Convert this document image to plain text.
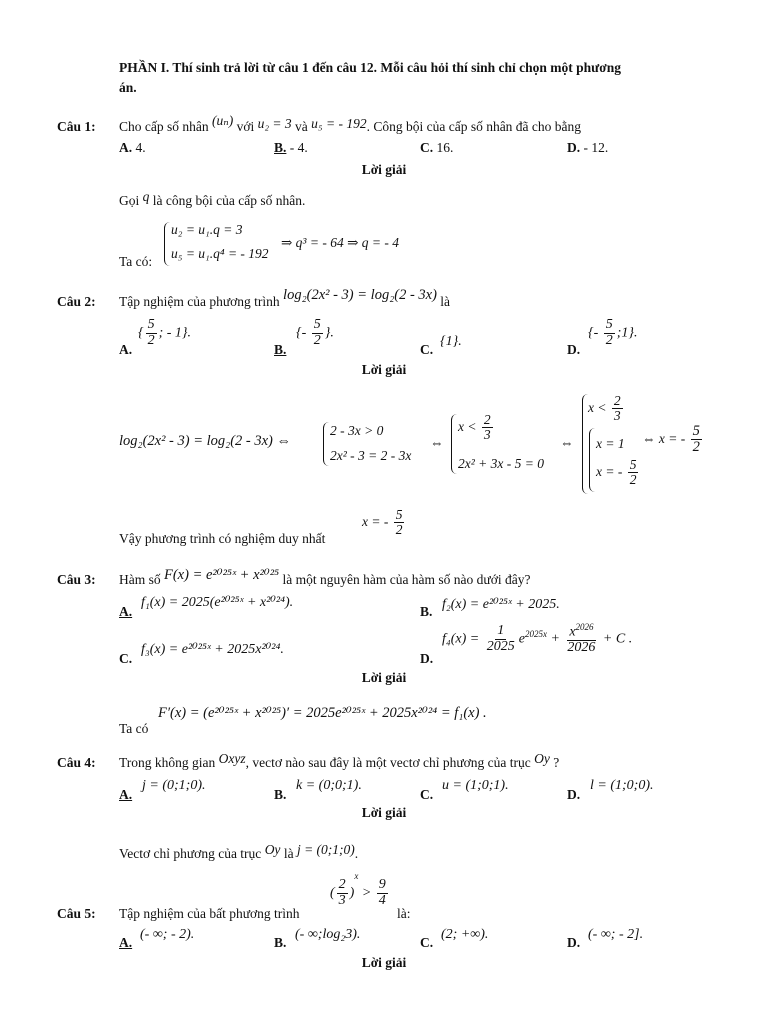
PHẦN I. Thí sinh trả lời từ câu 1 đến câu 12. Mỗi câu hỏi thí sinh chỉ chọn một phương
án.
Câu 1: Cho cấp số nhân (uₙ) với u₂ = 3 và u₅ = - 192. Công bội của cấp số nhân đã cho bằng
A. 4.	B. - 4.	C. 16.	D. - 12.
Lời giải
Gọi q là công bội của cấp số nhân.
Ta có:
u₂ = u₁.q = 3
u₅ = u₁.q⁴ = - 192
⇒ q³ = - 64 ⇒ q = - 4
Câu 2: Tập nghiệm của phương trình log₂(2x² - 3) = log₂(2 - 3x) là
A.
{ $\frac{5}{2}$ ; - 1}.
B.
{- $\frac{5}{2}$ }.
C.
{1}.
D.
{- $\frac{5}{2}$ ;1}.
Lời giải
log₂(2x² - 3) = log₂(2 - 3x) ⇔
2 - 3x > 0
2x² - 3 = 2 - 3x
⇔
$x < \frac{2}{3}$
2x² + 3x - 5 = 0
⇔
$x < \frac{2}{3}$
x = 1
x = - $\frac{5}{2}$
⇔ x = - $\frac{5}{2}$
Vậy phương trình có nghiệm duy nhất
x = - $\frac{5}{2}$
Câu 3: Hàm số F(x) = e²⁰²⁵ˣ + x²⁰²⁵ là một nguyên hàm của hàm số nào dưới đây?
A.
f₁(x) = 2025(e²⁰²⁵ˣ + x²⁰²⁴).
B. f₂(x) = e²⁰²⁵ˣ + 2025.
C.
f₃(x) = e²⁰²⁵ˣ + 2025x²⁰²⁴.
D.
$f_4(x) = \frac{1}{2025} e^{2025x} + \frac{x^{2026}}{2026} + C$ .
Lời giải
Ta có
F′(x) = (e²⁰²⁵ˣ + x²⁰²⁵)′ = 2025e²⁰²⁵ˣ + 2025x²⁰²⁴ = f₁(x) .
Câu 4: Trong không gian Oxyz, vectơ nào sau đây là một vectơ chỉ phương của trục Oy ?
A.
j = (0;1;0).
B.
k = (0;0;1).
C.
u = (1;0;1).
D.
l = (1;0;0).
Lời giải
Vectơ chỉ phương của trục Oy là j = (0;1;0).
Câu 5: Tập nghiệm của bất phương trình
( $\frac{2}{3} )^x > \frac{9}{4}$
là:
A.
(- ∞; - 2).
B.
(- ∞;log₂3).
C.
(2; +∞).
D.
(- ∞; - 2].
Lời giải
